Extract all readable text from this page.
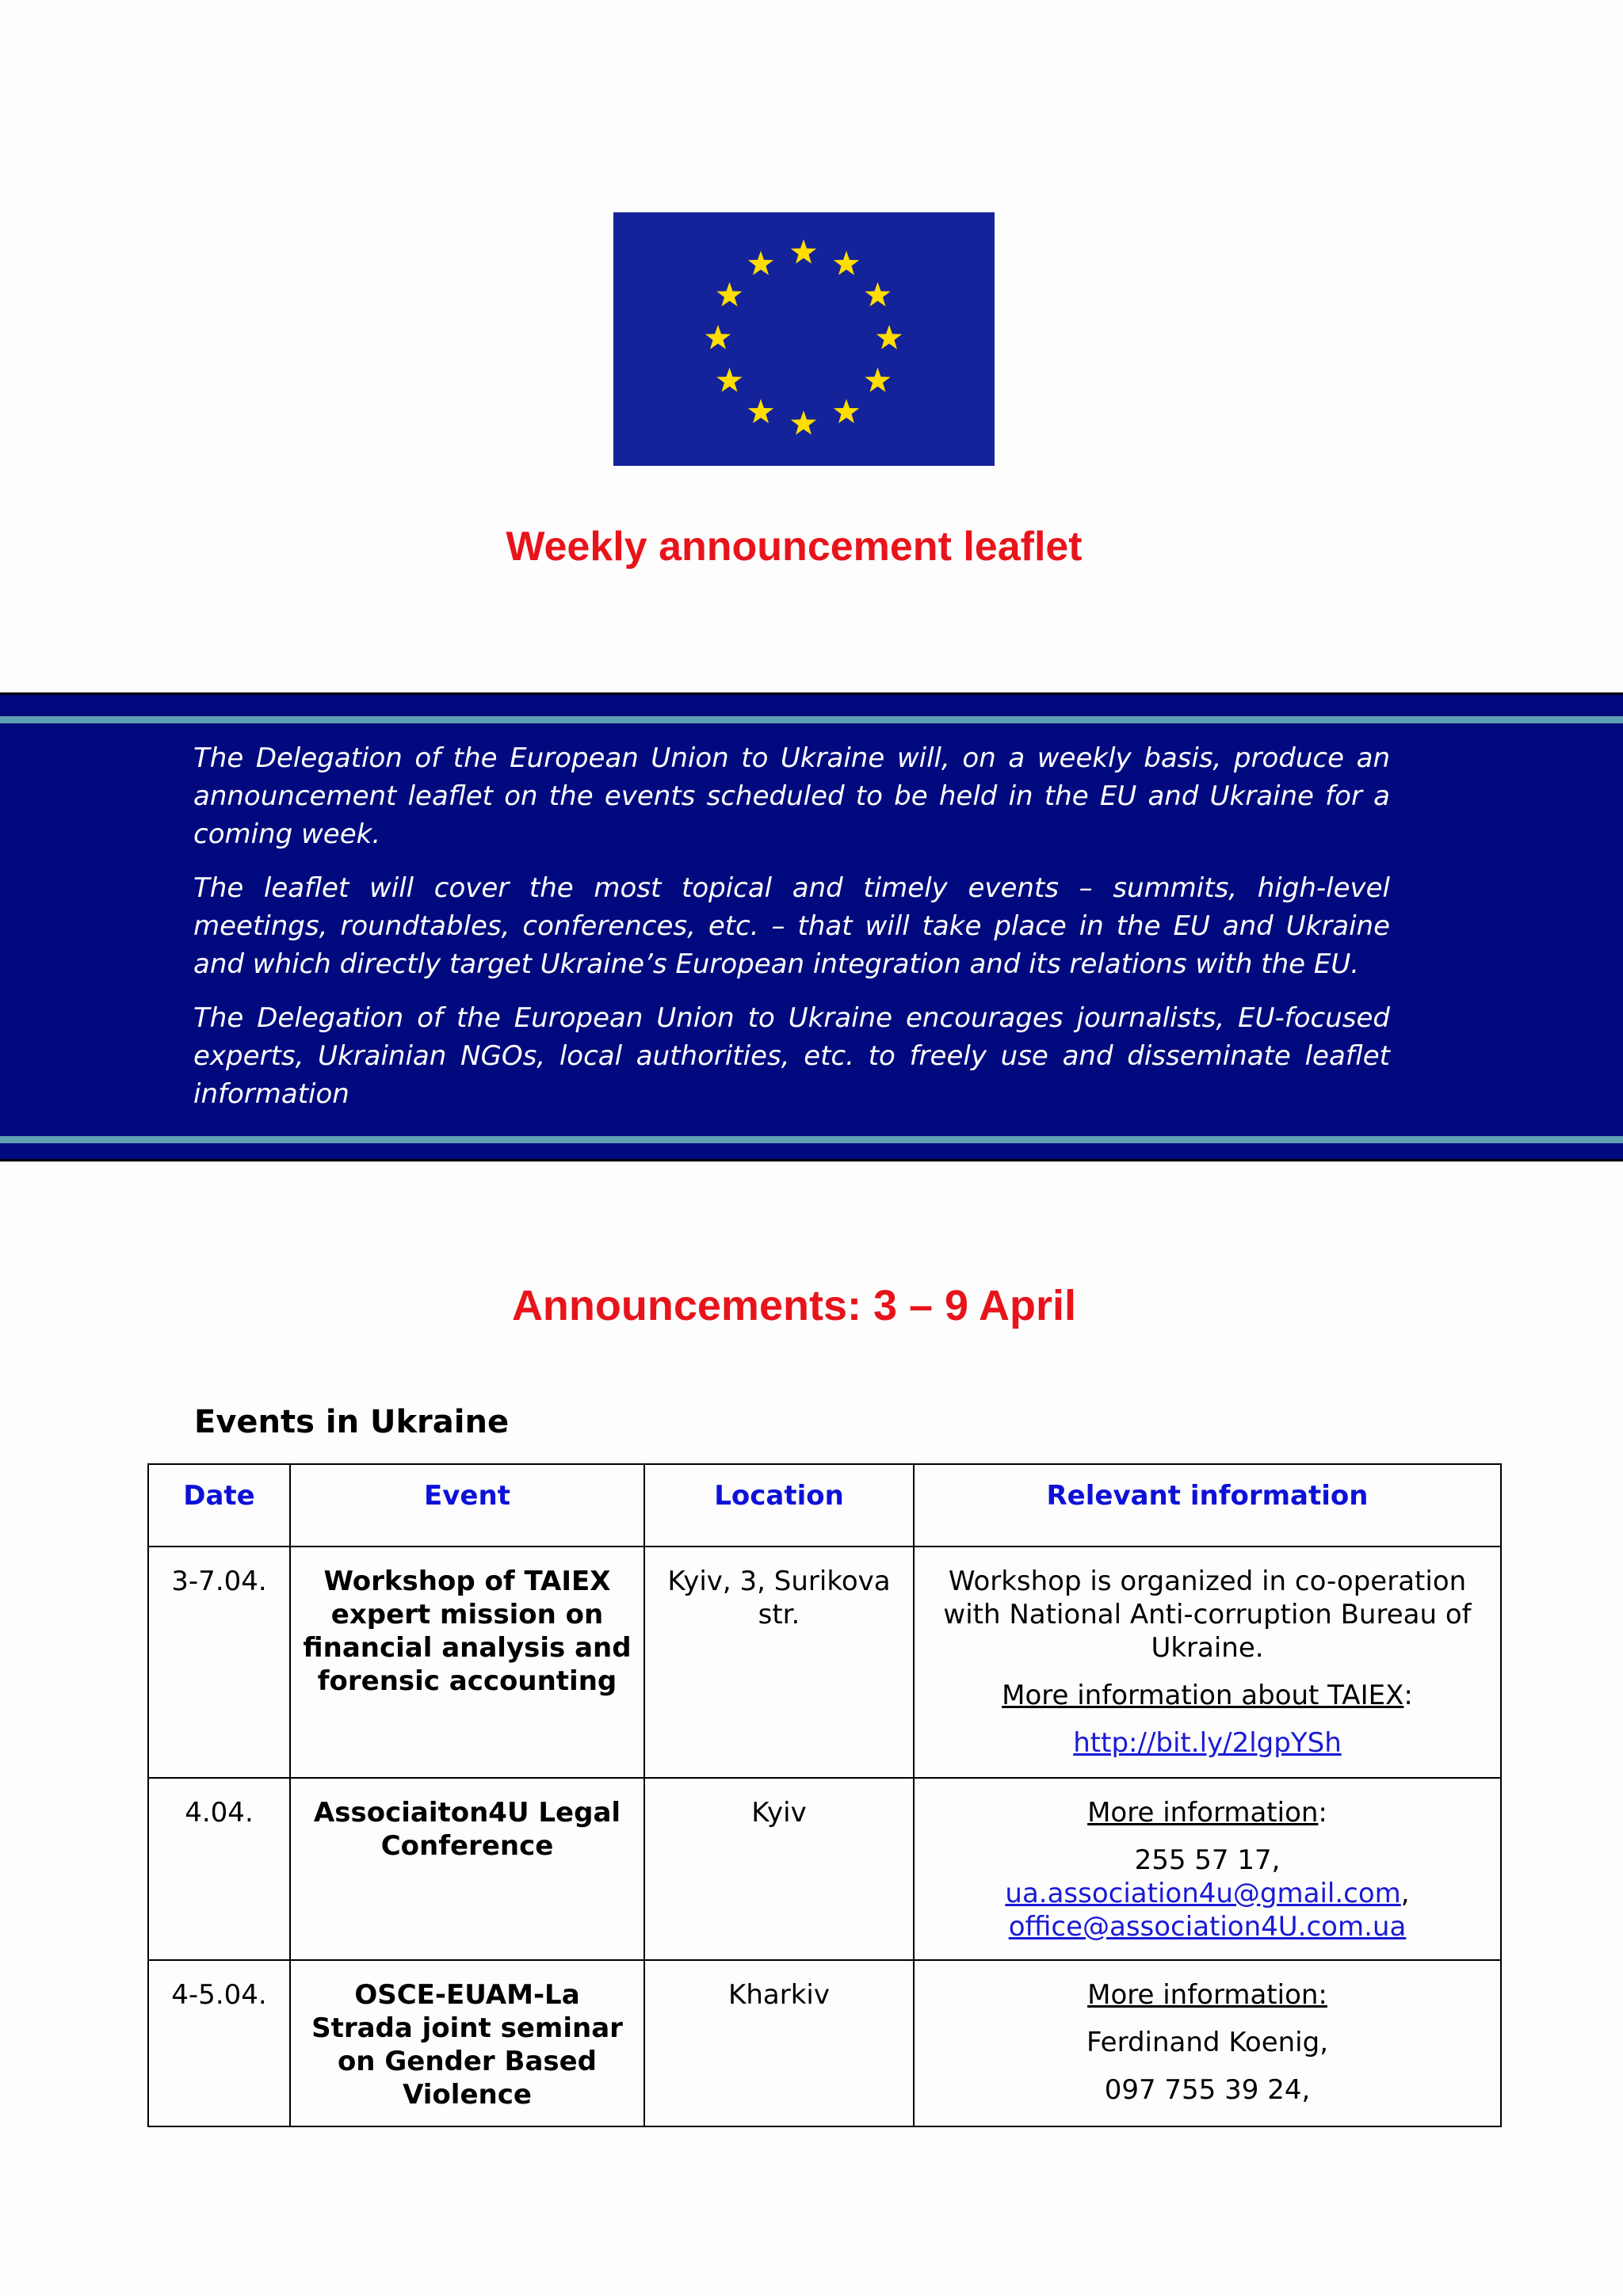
Weekly announcement leaflet

The Delegation of the European Union to Ukraine will, on a weekly basis, produce an announcement leaflet on the events scheduled to be held in the EU and Ukraine for a coming week.

The leaflet will cover the most topical and timely events – summits, high-level meetings, roundtables, conferences, etc. – that will take place in the EU and Ukraine and which directly target Ukraine’s European integration and its relations with the EU.

The Delegation of the European Union to Ukraine encourages journalists, EU-focused experts, Ukrainian NGOs, local authorities, etc. to freely use and disseminate leaflet information

Announcements: 3 – 9 April
Events in Ukraine
Date	Event	Location	Relevant information
3-7.04.	Workshop of TAIEX expert mission on financial analysis and forensic accounting	Kyiv, 3, Surikova str.	Workshop is organized in co-operation with National Anti-corruption Bureau of Ukraine.

More information about TAIEX:

http://bit.ly/2lgpYSh

4.04.	Associaiton4U Legal Conference	Kyiv	More information:

255 57 17,
ua.association4u@gmail.com,
office@association4U.com.ua

4-5.04.	OSCE-EUAM-La Strada joint seminar on Gender Based Violence	Kharkiv	More information:

Ferdinand Koenig,

097 755 39 24,
